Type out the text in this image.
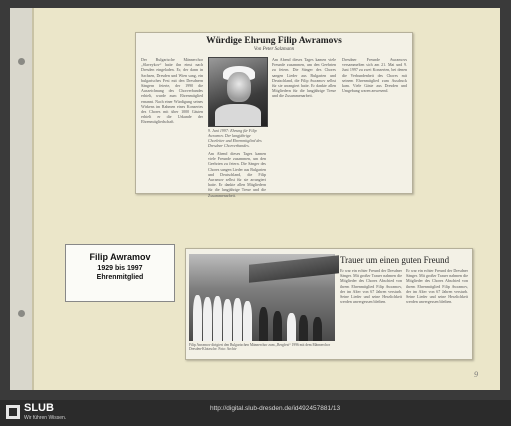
Würdige Ehrung Filip Awramovs
Von Peter Salzmann
Der Bulgarische Männerchor „Slaveykov“ hatte ihn einst nach Dresden eingeladen. Er, der dann in Sachsen, Dresden und Wien sang, ein bulgarisches Fest mit den Dresdnern Sängern feierte, der 1990 die Auszeichnung des Chorverbandes erhielt, wurde zum Ehrenmitglied ernannt. Nach einer Würdigung seines Wirkens im Rahmen eines Konzertes des Chores mit über 1000 Gästen erhielt er die Urkunde der Ehrenmitgliedschaft.
9. Juni 1997: Ehrung für Filip Awramov. Der langjährige Chorleiter und Ehrenmitglied des Dresdner Chorverbandes.
Am Abend dieses Tages kamen viele Freunde zusammen, um den Geehrten zu feiern. Die Sänger des Chores sangen Lieder aus Bulgarien und Deutschland, die Filip Awramov selbst für sie arrangiert hatte. Er dankte allen Mitgliedern für die langjährige Treue und die Zusammenarbeit.
Am Abend dieses Tages kamen viele Freunde zusammen, um den Geehrten zu feiern. Die Sänger des Chores sangen Lieder aus Bulgarien und Deutschland, die Filip Awramov selbst für sie arrangiert hatte. Er dankte allen Mitgliedern für die langjährige Treue und die Zusammenarbeit.
Dresdner Freunde Awramovs versammelten sich am 21. Mai und 9. Juni 1997 zu zwei Konzerten, bei denen die Verbundenheit des Chores mit seinem Ehrenmitglied zum Ausdruck kam. Viele Gäste aus Dresden und Umgebung waren anwesend.
Filip Awramov
1929 bis 1997
Ehrenmitglied
Filip Awramov dirigiert den Bulgarischen Männerchor zum „Bergfest“ 1996 mit dem Männerchor Dresden-Klotzsche. Foto: Archiv
Trauer um einen guten Freund
Er war ein echter Freund der Dresdner Sänger. Mit großer Trauer nahmen die Mitglieder des Chores Abschied von ihrem Ehrenmitglied Filip Awramov, der im Alter von 67 Jahren verstarb. Seine Lieder und seine Herzlichkeit werden unvergessen bleiben.
Er war ein echter Freund der Dresdner Sänger. Mit großer Trauer nahmen die Mitglieder des Chores Abschied von ihrem Ehrenmitglied Filip Awramov, der im Alter von 67 Jahren verstarb. Seine Lieder und seine Herzlichkeit werden unvergessen bleiben.
9
SLUB
Wir führen Wissen.
http://digital.slub-dresden.de/id492457881/13
